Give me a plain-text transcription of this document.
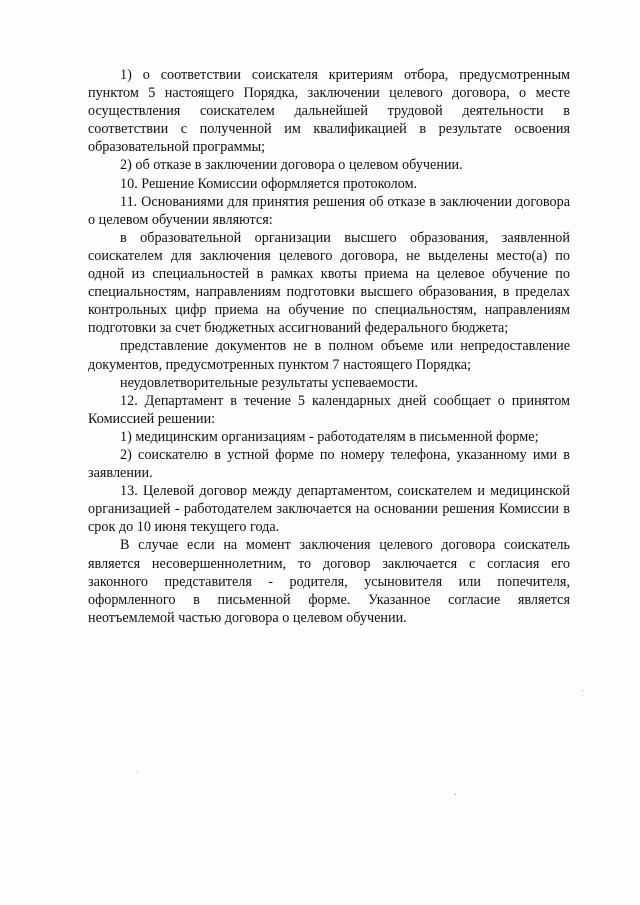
1) о соответствии соискателя критериям отбора, предусмотренным пунктом 5 настоящего Порядка, заключении целевого договора, о месте осуществления соискателем дальнейшей трудовой деятельности в соответствии с полученной им квалификацией в результате освоения образовательной программы;

2) об отказе в заключении договора о целевом обучении.

10. Решение Комиссии оформляется протоколом.

11. Основаниями для принятия решения об отказе в заключении договора о целевом обучении являются:

в образовательной организации высшего образования, заявленной соискателем для заключения целевого договора, не выделены место(а) по одной из специальностей в рамках квоты приема на целевое обучение по специальностям, направлениям подготовки высшего образования, в пределах контрольных цифр приема на обучение по специальностям, направлениям подготовки за счет бюджетных ассигнований федерального бюджета;

представление документов не в полном объеме или непредоставление документов, предусмотренных пунктом 7 настоящего Порядка;

неудовлетворительные результаты успеваемости.

12. Департамент в течение 5 календарных дней сообщает о принятом Комиссией решении:

1) медицинским организациям - работодателям в письменной форме;

2) соискателю в устной форме по номеру телефона, указанному ими в заявлении.

13. Целевой договор между департаментом, соискателем и медицинской организацией - работодателем заключается на основании решения Комиссии в срок до 10 июня текущего года.

В случае если на момент заключения целевого договора соискатель является несовершеннолетним, то договор заключается с согласия его законного представителя - родителя, усыновителя или попечителя, оформленного в письменной форме. Указанное согласие является неотъемлемой частью договора о целевом обучении.
